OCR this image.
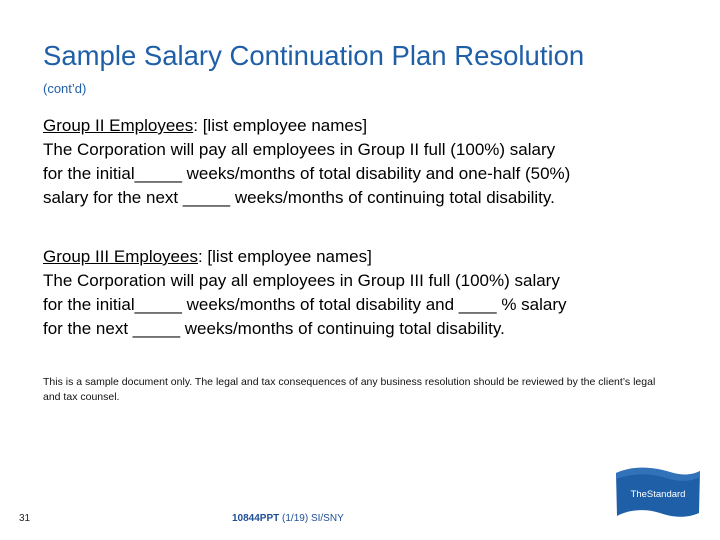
Sample Salary Continuation Plan Resolution
(cont’d)
Group II Employees: [list employee names]
The Corporation will pay all employees in Group II full (100%) salary
for the initial_____ weeks/months of total disability and one-half (50%)
salary for the next _____ weeks/months of continuing total disability.
Group III Employees: [list employee names]
The Corporation will pay all employees in Group III full (100%) salary
for the initial_____ weeks/months of total disability and ____ % salary
for the next _____ weeks/months of continuing total disability.
This is a sample document only. The legal and tax consequences of any business resolution should be reviewed by the client’s legal and tax counsel.
31	10844PPT (1/19) SI/SNY
TheStandard
